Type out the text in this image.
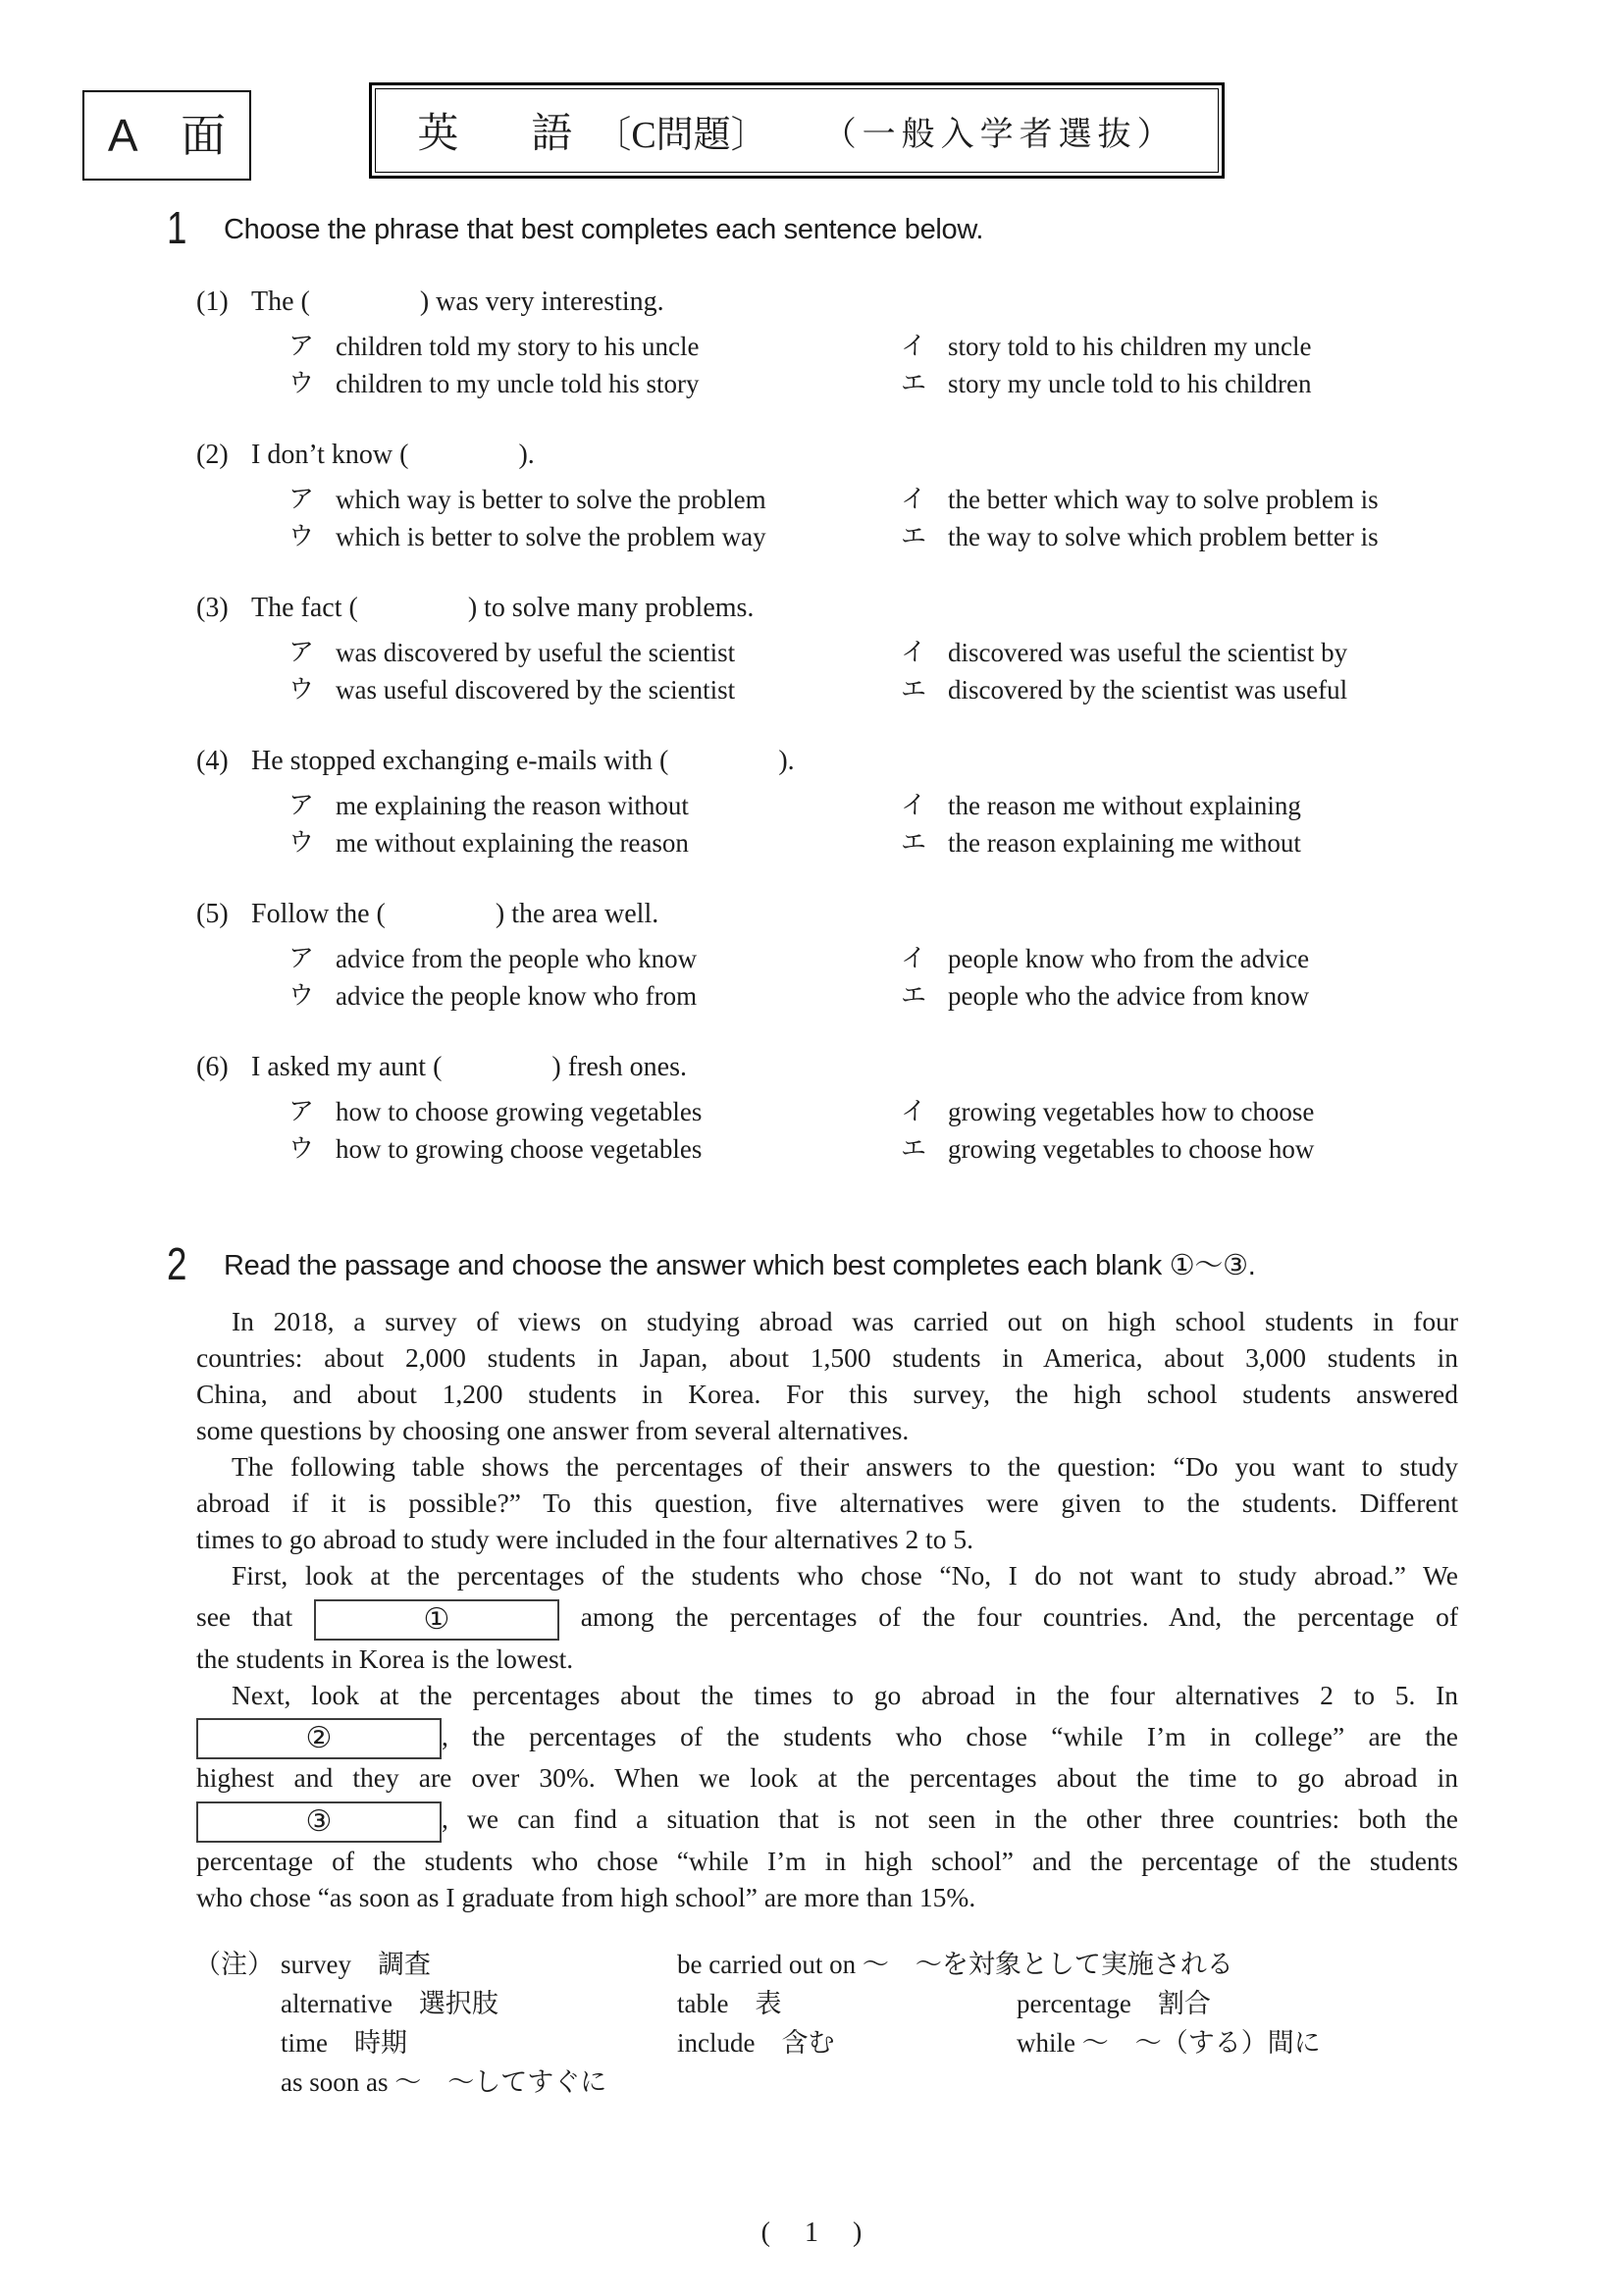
A　面	英　語 〔C問題〕 （一般入学者選抜）
1	Choose the phrase that best completes each sentence below.
(1) The (                ) was very interesting.
ア children told my story to his uncle	イ story told to his children my uncle
ウ children to my uncle told his story	エ story my uncle told to his children
(2) I don’t know (                ).
ア which way is better to solve the problem	イ the better which way to solve problem is
ウ which is better to solve the problem way	エ the way to solve which problem better is
(3) The fact (                ) to solve many problems.
ア was discovered by useful the scientist	イ discovered was useful the scientist by
ウ was useful discovered by the scientist	エ discovered by the scientist was useful
(4) He stopped exchanging e-mails with (                ).
ア me explaining the reason without	イ the reason me without explaining
ウ me without explaining the reason	エ the reason explaining me without
(5) Follow the (                ) the area well.
ア advice from the people who know	イ people know who from the advice
ウ advice the people know who from	エ people who the advice from know
(6) I asked my aunt (                ) fresh ones.
ア how to choose growing vegetables	イ growing vegetables how to choose
ウ how to growing choose vegetables	エ growing vegetables to choose how
2	Read the passage and choose the answer which best completes each blank ①～③.
In 2018, a survey of views on studying abroad was carried out on high school students in four
countries: about 2,000 students in Japan, about 1,500 students in America, about 3,000 students in
China, and about 1,200 students in Korea. For this survey, the high school students answered
some questions by choosing one answer from several alternatives.
The following table shows the percentages of their answers to the question: “Do you want to study
abroad if it is possible?” To this question, five alternatives were given to the students. Different
times to go abroad to study were included in the four alternatives 2 to 5.
First, look at the percentages of the students who chose “No, I do not want to study abroad.” We
see that	①	among the percentages of the four countries. And, the percentage of
the students in Korea is the lowest.
Next, look at the percentages about the times to go abroad in the four alternatives 2 to 5. In
②	, the percentages of the students who chose “while I’m in college” are the
highest and they are over 30%. When we look at the percentages about the time to go abroad in
③	, we can find a situation that is not seen in the other three countries: both the
percentage of the students who chose “while I’m in high school” and the percentage of the students
who chose “as soon as I graduate from high school” are more than 15%.
（注） survey　調査	be carried out on ～　～を対象として実施される
alternative　選択肢	table　表	percentage　割合
time　時期	include　含む	while ～　～（する）間に
as soon as ～　～してすぐに
(     1     )
